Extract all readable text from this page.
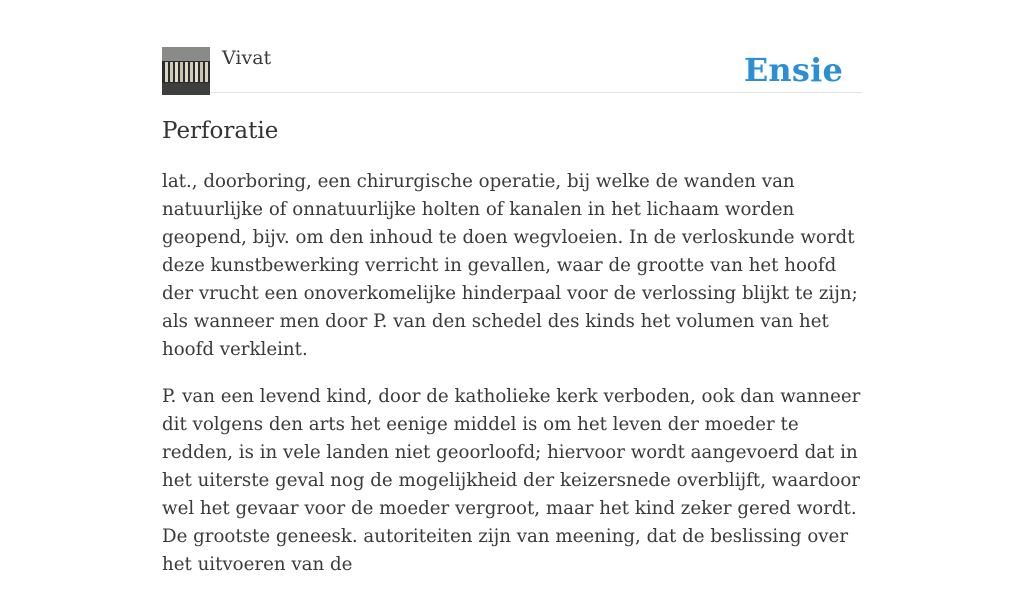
Vivat	Ensie
Perforatie

lat., doorboring, een chirurgische operatie, bij welke de wanden van natuurlijke of onnatuurlijke holten of kanalen in het lichaam worden geopend, bijv. om den inhoud te doen wegvloeien. In de verloskunde wordt deze kunstbewerking verricht in gevallen, waar de grootte van het hoofd der vrucht een onoverkomelijke hinderpaal voor de verlossing blijkt te zijn; als wanneer men door P. van den schedel des kinds het volumen van het hoofd verkleint.

P. van een levend kind, door de katholieke kerk verboden, ook dan wanneer dit volgens den arts het eenige middel is om het leven der moeder te redden, is in vele landen niet geoorloofd; hiervoor wordt aangevoerd dat in het uiterste geval nog de mogelijkheid der keizersnede overblijft, waardoor wel het gevaar voor de moeder vergroot, maar het kind zeker gered wordt. De grootste geneesk. autoriteiten zijn van meening, dat de beslissing over het uitvoeren van de
